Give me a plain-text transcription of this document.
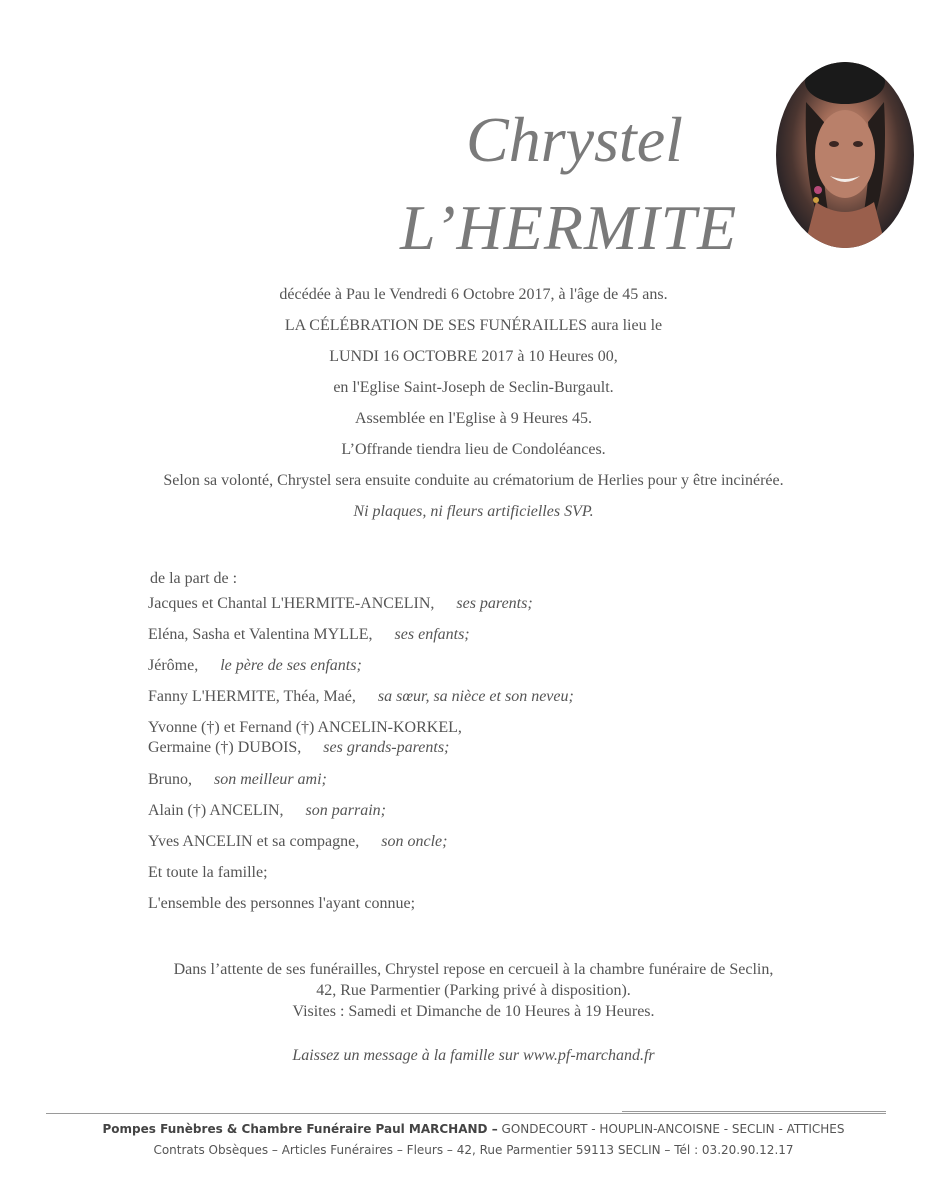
Chrystel
L’HERMITE
décédée à Pau le Vendredi 6 Octobre 2017, à l'âge de 45 ans.
LA CÉLÉBRATION DE SES FUNÉRAILLES aura lieu le
LUNDI 16 OCTOBRE 2017 à 10 Heures 00,
en l'Eglise Saint-Joseph de Seclin-Burgault.
Assemblée en l'Eglise à 9 Heures 45.
L’Offrande tiendra lieu de Condoléances.
Selon sa volonté, Chrystel sera ensuite conduite au crématorium de Herlies pour y être incinérée.
Ni plaques, ni fleurs artificielles SVP.
de la part de :
Jacques et Chantal L'HERMITE-ANCELIN, ses parents;
Eléna, Sasha et Valentina MYLLE, ses enfants;
Jérôme, le père de ses enfants;
Fanny L'HERMITE, Théa, Maé, sa sœur, sa nièce et son neveu;
Yvonne (†) et Fernand (†) ANCELIN-KORKEL,
Germaine (†) DUBOIS, ses grands-parents;
Bruno, son meilleur ami;
Alain (†) ANCELIN, son parrain;
Yves ANCELIN et sa compagne, son oncle;
Et toute la famille;
L'ensemble des personnes l'ayant connue;
Dans l’attente de ses funérailles, Chrystel repose en cercueil à la chambre funéraire de Seclin,
42, Rue Parmentier (Parking privé à disposition).
Visites : Samedi et Dimanche de 10 Heures à 19 Heures.
Laissez un message à la famille sur www.pf-marchand.fr
Pompes Funèbres & Chambre Funéraire Paul MARCHAND – GONDECOURT - HOUPLIN-ANCOISNE - SECLIN - ATTICHES
Contrats Obsèques – Articles Funéraires – Fleurs – 42, Rue Parmentier 59113 SECLIN – Tél : 03.20.90.12.17
